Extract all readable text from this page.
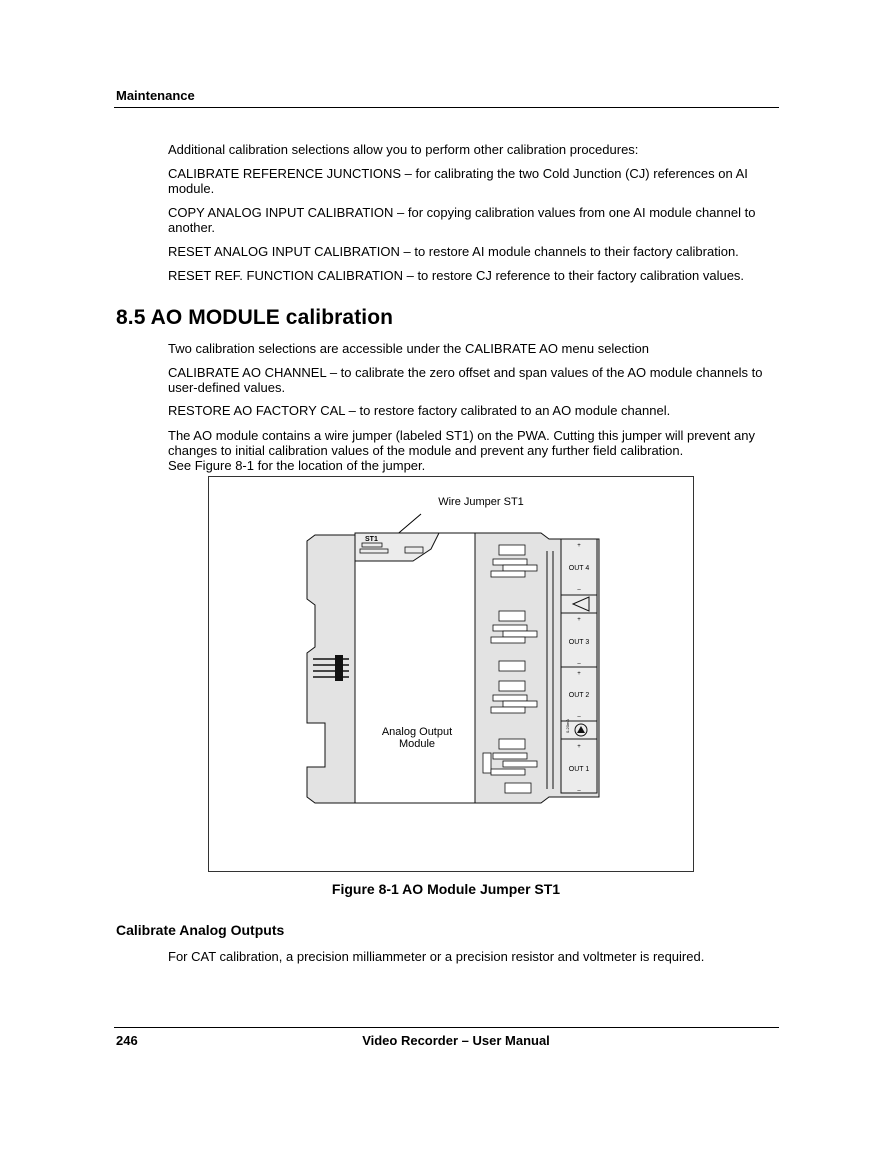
Maintenance
Additional calibration selections allow you to perform other calibration procedures:
CALIBRATE REFERENCE JUNCTIONS – for calibrating the two Cold Junction (CJ) references on AI module.
COPY ANALOG INPUT CALIBRATION – for copying calibration values from one AI module channel to another.
RESET ANALOG INPUT CALIBRATION – to restore AI module channels to their factory calibration.
RESET REF. FUNCTION CALIBRATION – to restore CJ reference to their factory calibration values.
8.5 AO MODULE calibration
Two calibration selections are accessible under the CALIBRATE AO menu selection
CALIBRATE AO CHANNEL – to calibrate the zero offset and span values of the AO module channels to user-defined values.
RESTORE AO FACTORY CAL – to restore factory calibrated to an AO module channel.
The AO module contains a wire jumper (labeled ST1) on the PWA. Cutting this jumper will prevent any changes to initial calibration values of the module and prevent any further field calibration.
See Figure 8-1 for the location of the jumper.
Wire Jumper ST1
ST1
Analog Output
Module
+
OUT 4
–
+
OUT 3
–
+
OUT 2
–
+
OUT 1
–
0-20mA
Figure 8-1 AO Module Jumper ST1
Calibrate Analog Outputs
For CAT calibration, a precision milliammeter or a precision resistor and voltmeter is required.
246	Video Recorder – User Manual
